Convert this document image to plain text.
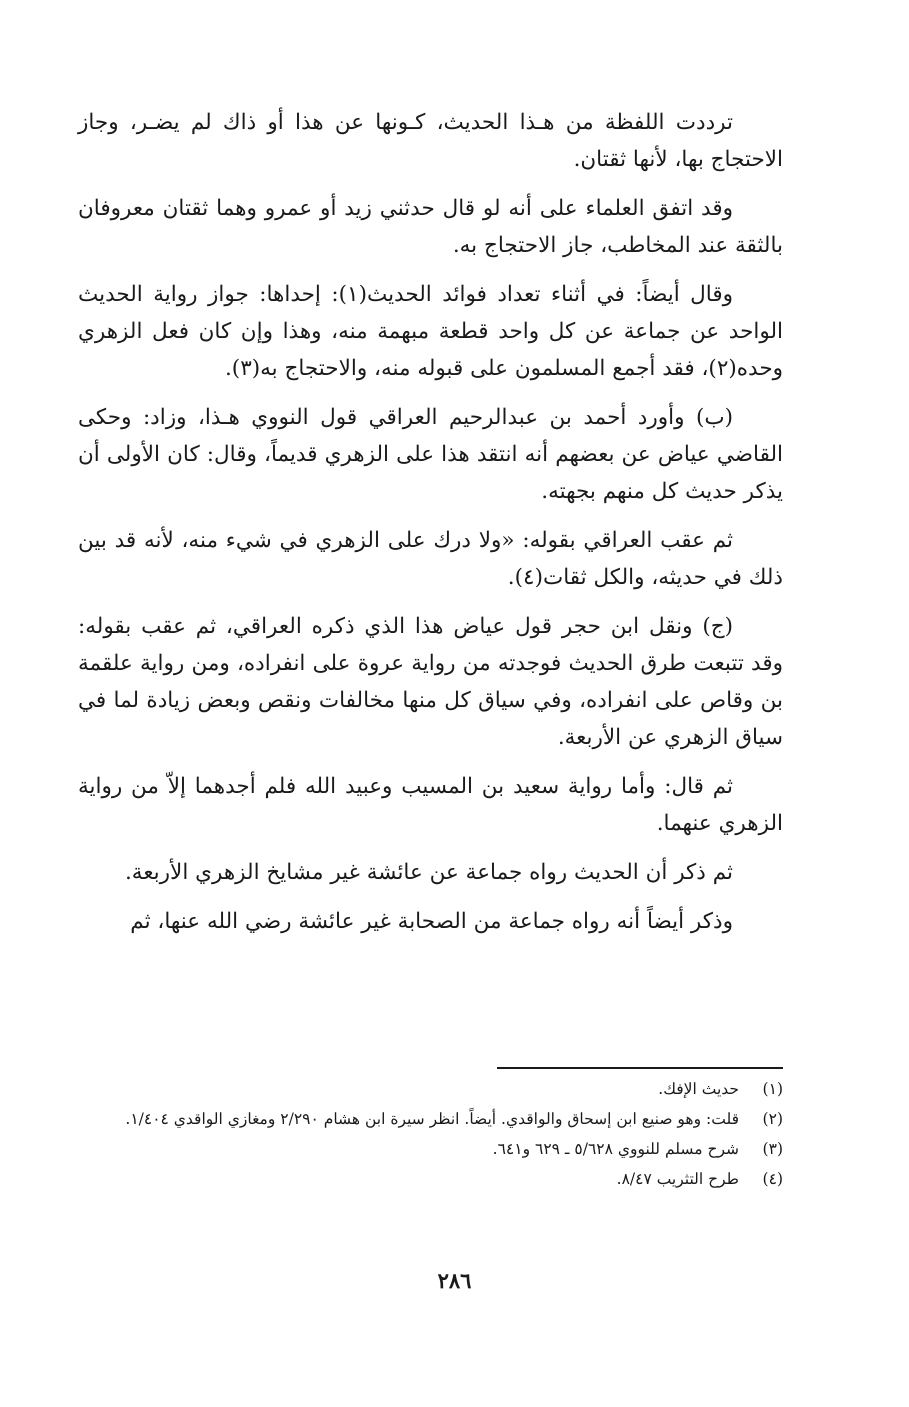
ترددت اللفظة من هـذا الحديث، كـونها عن هذا أو ذاك لم يضـر، وجاز الاحتجاج بها، لأنها ثقتان.

وقد اتفق العلماء على أنه لو قال حدثني زيد أو عمرو وهما ثقتان معروفان بالثقة عند المخاطب، جاز الاحتجاج به.

وقال أيضاً: في أثناء تعداد فوائد الحديث(١): إحداها: جواز رواية الحديث الواحد عن جماعة عن كل واحد قطعة مبهمة منه، وهذا وإن كان فعل الزهري وحده(٢)، فقد أجمع المسلمون على قبوله منه، والاحتجاج به(٣).

(ب) وأورد أحمد بن عبدالرحيم العراقي قول النووي هـذا، وزاد: وحكى القاضي عياض عن بعضهم أنه انتقد هذا على الزهري قديماً، وقال: كان الأولى أن يذكر حديث كل منهم بجهته.

ثم عقب العراقي بقوله: «ولا درك على الزهري في شيء منه، لأنه قد بين ذلك في حديثه، والكل ثقات(٤).

(ج) ونقل ابن حجر قول عياض هذا الذي ذكره العراقي، ثم عقب بقوله: وقد تتبعت طرق الحديث فوجدته من رواية عروة على انفراده، ومن رواية علقمة بن وقاص على انفراده، وفي سياق كل منها مخالفات ونقص وبعض زيادة لما في سياق الزهري عن الأربعة.

ثم قال: وأما رواية سعيد بن المسيب وعبيد الله فلم أجدهما إلاّ من رواية الزهري عنهما.

ثم ذكر أن الحديث رواه جماعة عن عائشة غير مشايخ الزهري الأربعة.

وذكر أيضاً أنه رواه جماعة من الصحابة غير عائشة رضي الله عنها، ثم

(١)
حديث الإفك.
(٢)
قلت: وهو صنيع ابن إسحاق والواقدي. أيضاً. انظر سيرة ابن هشام ٢/٢٩٠ ومغازي الواقدي ١/٤٠٤.
(٣)
شرح مسلم للنووي ٥/٦٢٨ ـ ٦٢٩ و٦٤١.
(٤)
طرح التثريب ٨/٤٧.
٢٨٦
